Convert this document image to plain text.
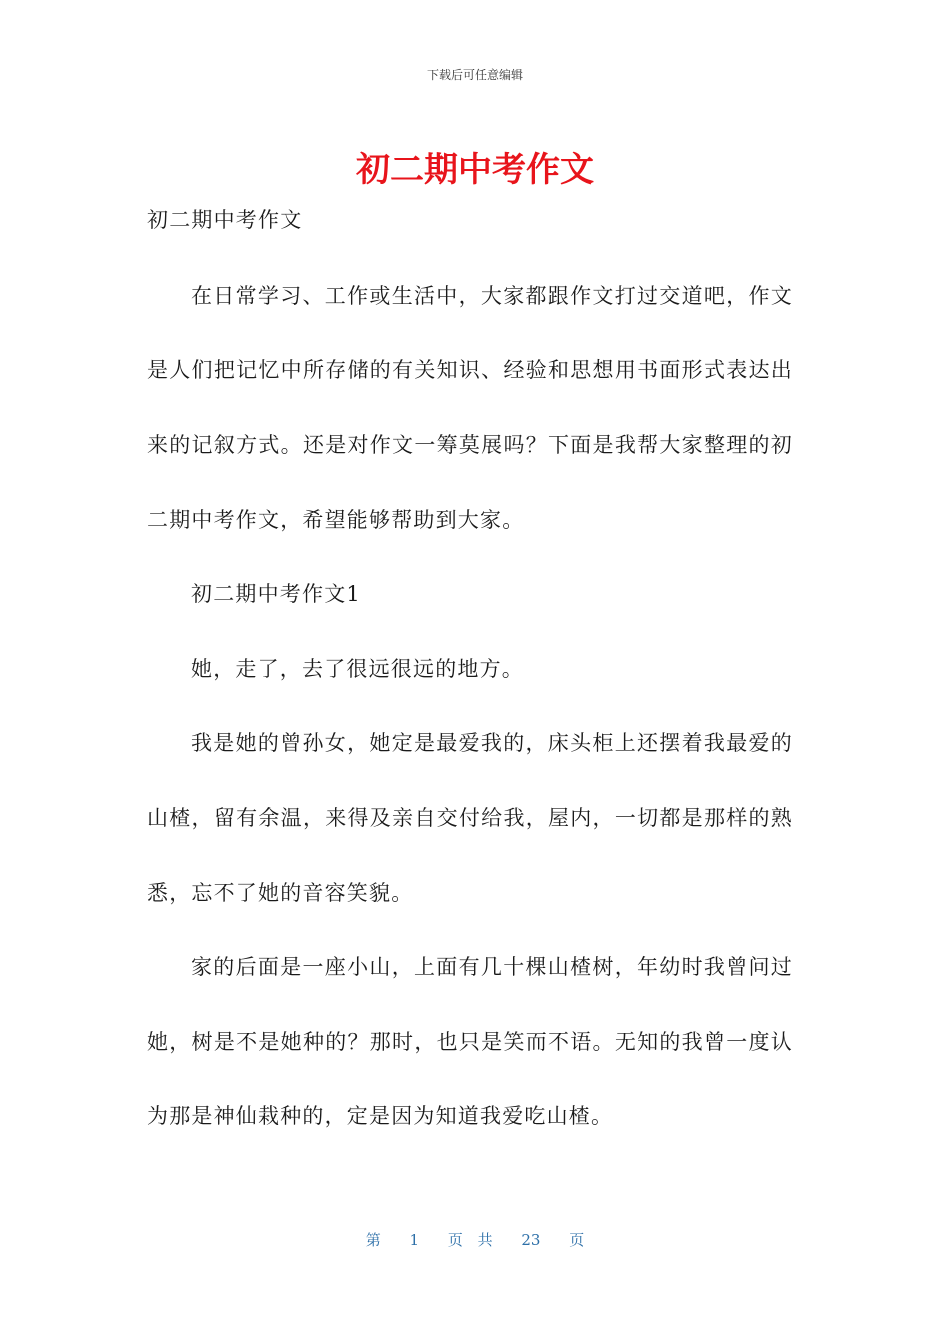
下载后可任意编辑
初二期中考作文

初二期中考作文

在日常学习、工作或生活中，大家都跟作文打过交道吧，作文是人们把记忆中所存储的有关知识、经验和思想用书面形式表达出来的记叙方式。还是对作文一筹莫展吗？下面是我帮大家整理的初二期中考作文，希望能够帮助到大家。

初二期中考作文1

她，走了，去了很远很远的地方。

我是她的曾孙女，她定是最爱我的，床头柜上还摆着我最爱的山楂，留有余温，来得及亲自交付给我，屋内，一切都是那样的熟悉，忘不了她的音容笑貌。

家的后面是一座小山，上面有几十棵山楂树，年幼时我曾问过她，树是不是她种的？那时，也只是笑而不语。无知的我曾一度认为那是神仙栽种的，定是因为知道我爱吃山楂。

第 1 页 共 23 页
